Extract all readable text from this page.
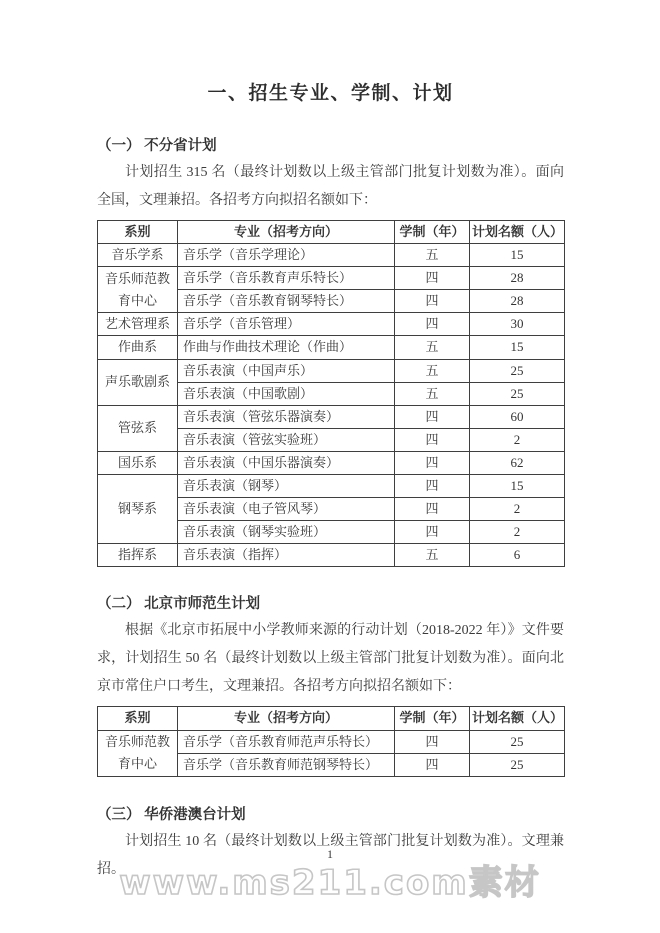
一、招生专业、学制、计划
（一） 不分省计划
计划招生 315 名（最终计划数以上级主管部门批复计划数为准）。面向全国，文理兼招。各招考方向拟招名额如下：
系别	专业（招考方向）	学制（年）	计划名额（人）
音乐学系	音乐学（音乐学理论）	五	15
音乐师范教育中心	音乐学（音乐教育声乐特长）	四	28
	音乐学（音乐教育钢琴特长）	四	28
艺术管理系	音乐学（音乐管理）	四	30
作曲系	作曲与作曲技术理论（作曲）	五	15
声乐歌剧系	音乐表演（中国声乐）	五	25
	音乐表演（中国歌剧）	五	25
管弦系	音乐表演（管弦乐器演奏）	四	60
	音乐表演（管弦实验班）	四	2
国乐系	音乐表演（中国乐器演奏）	四	62
钢琴系	音乐表演（钢琴）	四	15
	音乐表演（电子管风琴）	四	2
	音乐表演（钢琴实验班）	四	2
指挥系	音乐表演（指挥）	五	6
（二） 北京市师范生计划
根据《北京市拓展中小学教师来源的行动计划（2018-2022 年）》文件要求，计划招生 50 名（最终计划数以上级主管部门批复计划数为准）。面向北京市常住户口考生，文理兼招。各招考方向拟招名额如下：
系别	专业（招考方向）	学制（年）	计划名额（人）
音乐师范教育中心	音乐学（音乐教育师范声乐特长）	四	25
	音乐学（音乐教育师范钢琴特长）	四	25
（三） 华侨港澳台计划
计划招生 10 名（最终计划数以上级主管部门批复计划数为准）。文理兼招。
1
www.ms211.com素材
